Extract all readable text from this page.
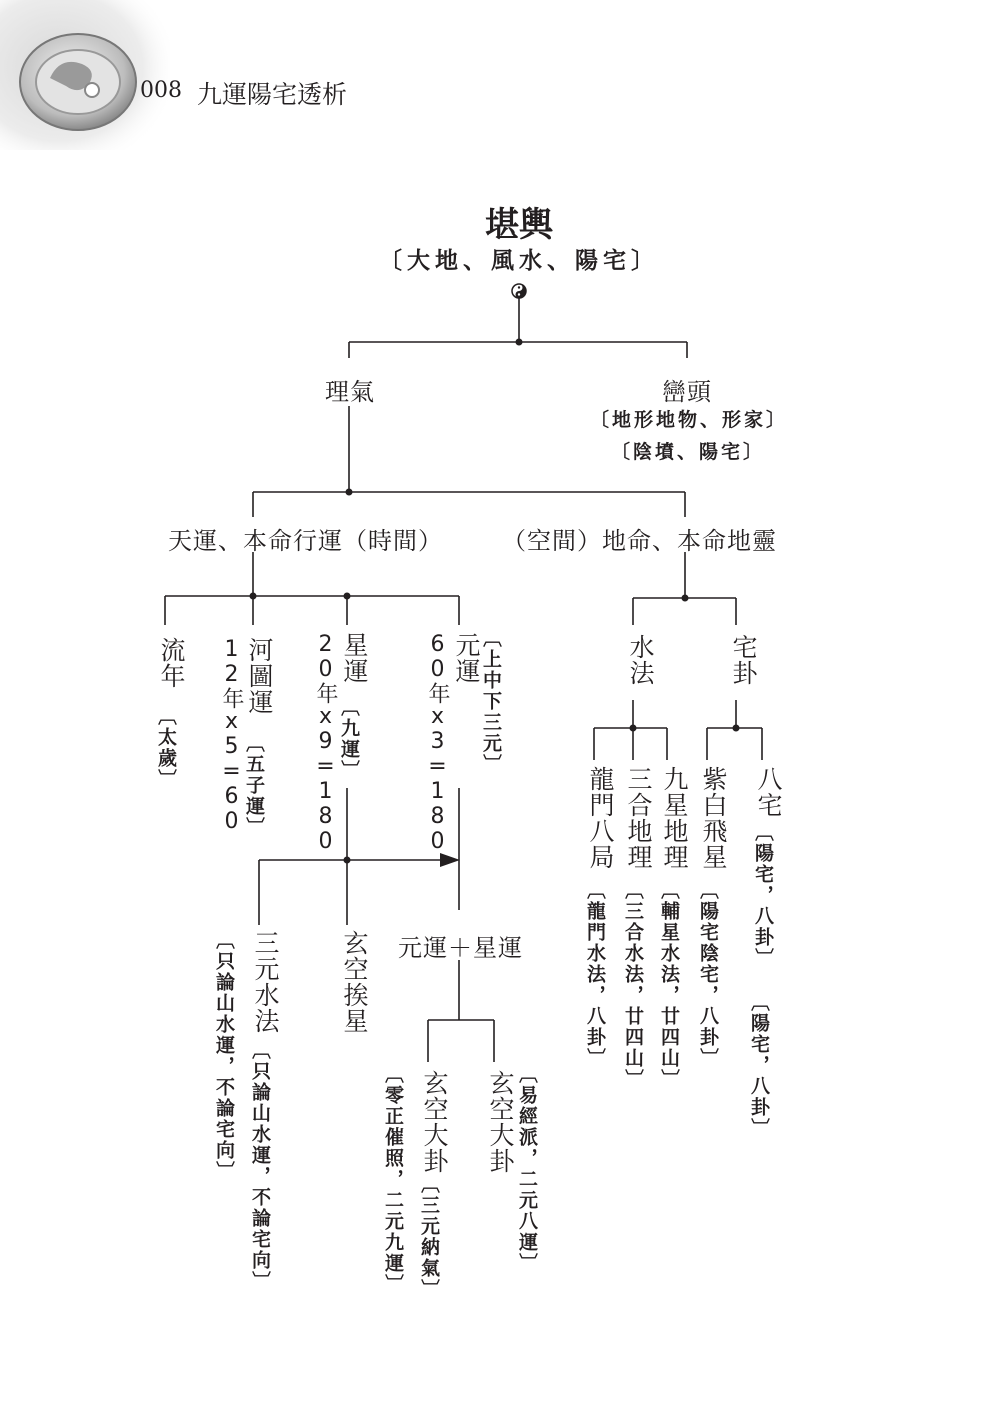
008 九運陽宅透析
堪輿
〔大地、風水、陽宅〕
理氣	巒頭
〔地形地物、形家〕
〔陰墳、陽宅〕
天運、本命行運（時間） （空間）地命、本命地靈
流年
〔太歲〕
河圖運
12年x5=60 〔五子運〕
星運
20年x9=180 〔九運〕
元運
60年x3=180 〔上中下三元〕	水法	宅卦
龍門八局
〔龍門水法，八卦〕
三合地理
〔三合水法，廿四山〕
九星地理
〔輔星水法，廿四山〕
紫白飛星
〔陽宅陰宅，八卦〕
八宅
〔陽宅，八卦〕
〔陽宅，八卦〕
三元水法
〔只論山水運，不論宅向〕
〔只論山水運，不論宅向〕	玄空挨星 元運＋星運
玄空大卦
〔三元納氣〕
〔零正催照，二元九運〕	玄空大卦 〔易經派，二元八運〕
